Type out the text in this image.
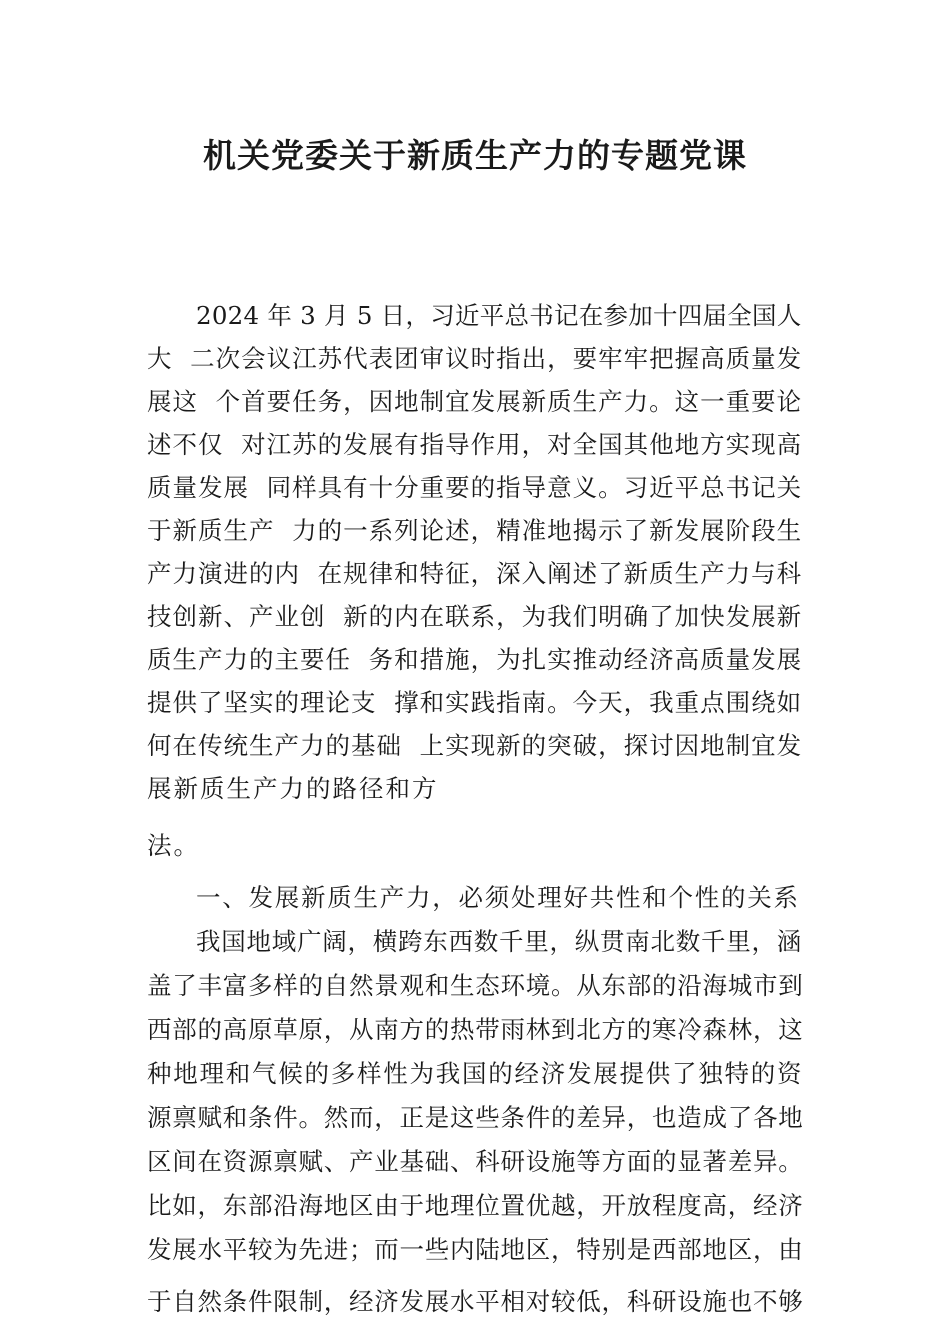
机关党委关于新质生产力的专题党课
2024 年 3 月 5 日，习近平总书记在参加十四届全国人
大  二次会议江苏代表团审议时指出，要牢牢把握高质量发
展这  个首要任务，因地制宜发展新质生产力。这一重要论
述不仅  对江苏的发展有指导作用，对全国其他地方实现高
质量发展  同样具有十分重要的指导意义。习近平总书记关
于新质生产  力的一系列论述，精准地揭示了新发展阶段生
产力演进的内  在规律和特征，深入阐述了新质生产力与科
技创新、产业创  新的内在联系，为我们明确了加快发展新
质生产力的主要任  务和措施，为扎实推动经济高质量发展
提供了坚实的理论支  撑和实践指南。今天，我重点围绕如
何在传统生产力的基础  上实现新的突破，探讨因地制宜发
展新质生产力的路径和方
法。
一、发展新质生产力，必须处理好共性和个性的关系
我国地域广阔，横跨东西数千里，纵贯南北数千里，涵
盖了丰富多样的自然景观和生态环境。从东部的沿海城市到
西部的高原草原，从南方的热带雨林到北方的寒冷森林，这
种地理和气候的多样性为我国的经济发展提供了独特的资
源禀赋和条件。然而，正是这些条件的差异，也造成了各地
区间在资源禀赋、产业基础、科研设施等方面的显著差异。
比如，东部沿海地区由于地理位置优越，开放程度高，经济
发展水平较为先进；而一些内陆地区，特别是西部地区，由
于自然条件限制，经济发展水平相对较低，科研设施也不够
